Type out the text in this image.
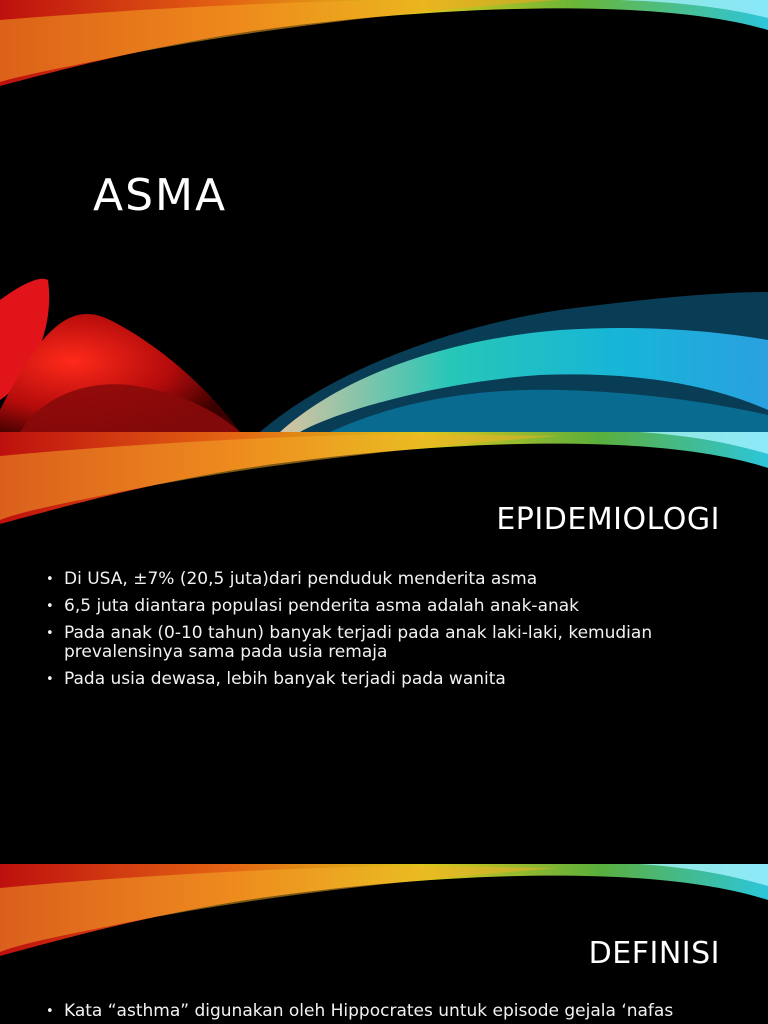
ASMA
EPIDEMIOLOGI
• Di USA, ±7% (20,5 juta)dari penduduk menderita asma
• 6,5 juta diantara populasi penderita asma adalah anak-anak
• Pada anak (0-10 tahun) banyak terjadi pada anak laki-laki, kemudian prevalensinya sama pada usia remaja
• Pada usia dewasa, lebih banyak terjadi pada wanita
DEFINISI
• Kata “asthma” digunakan oleh Hippocrates untuk episode gejala ‘nafas
